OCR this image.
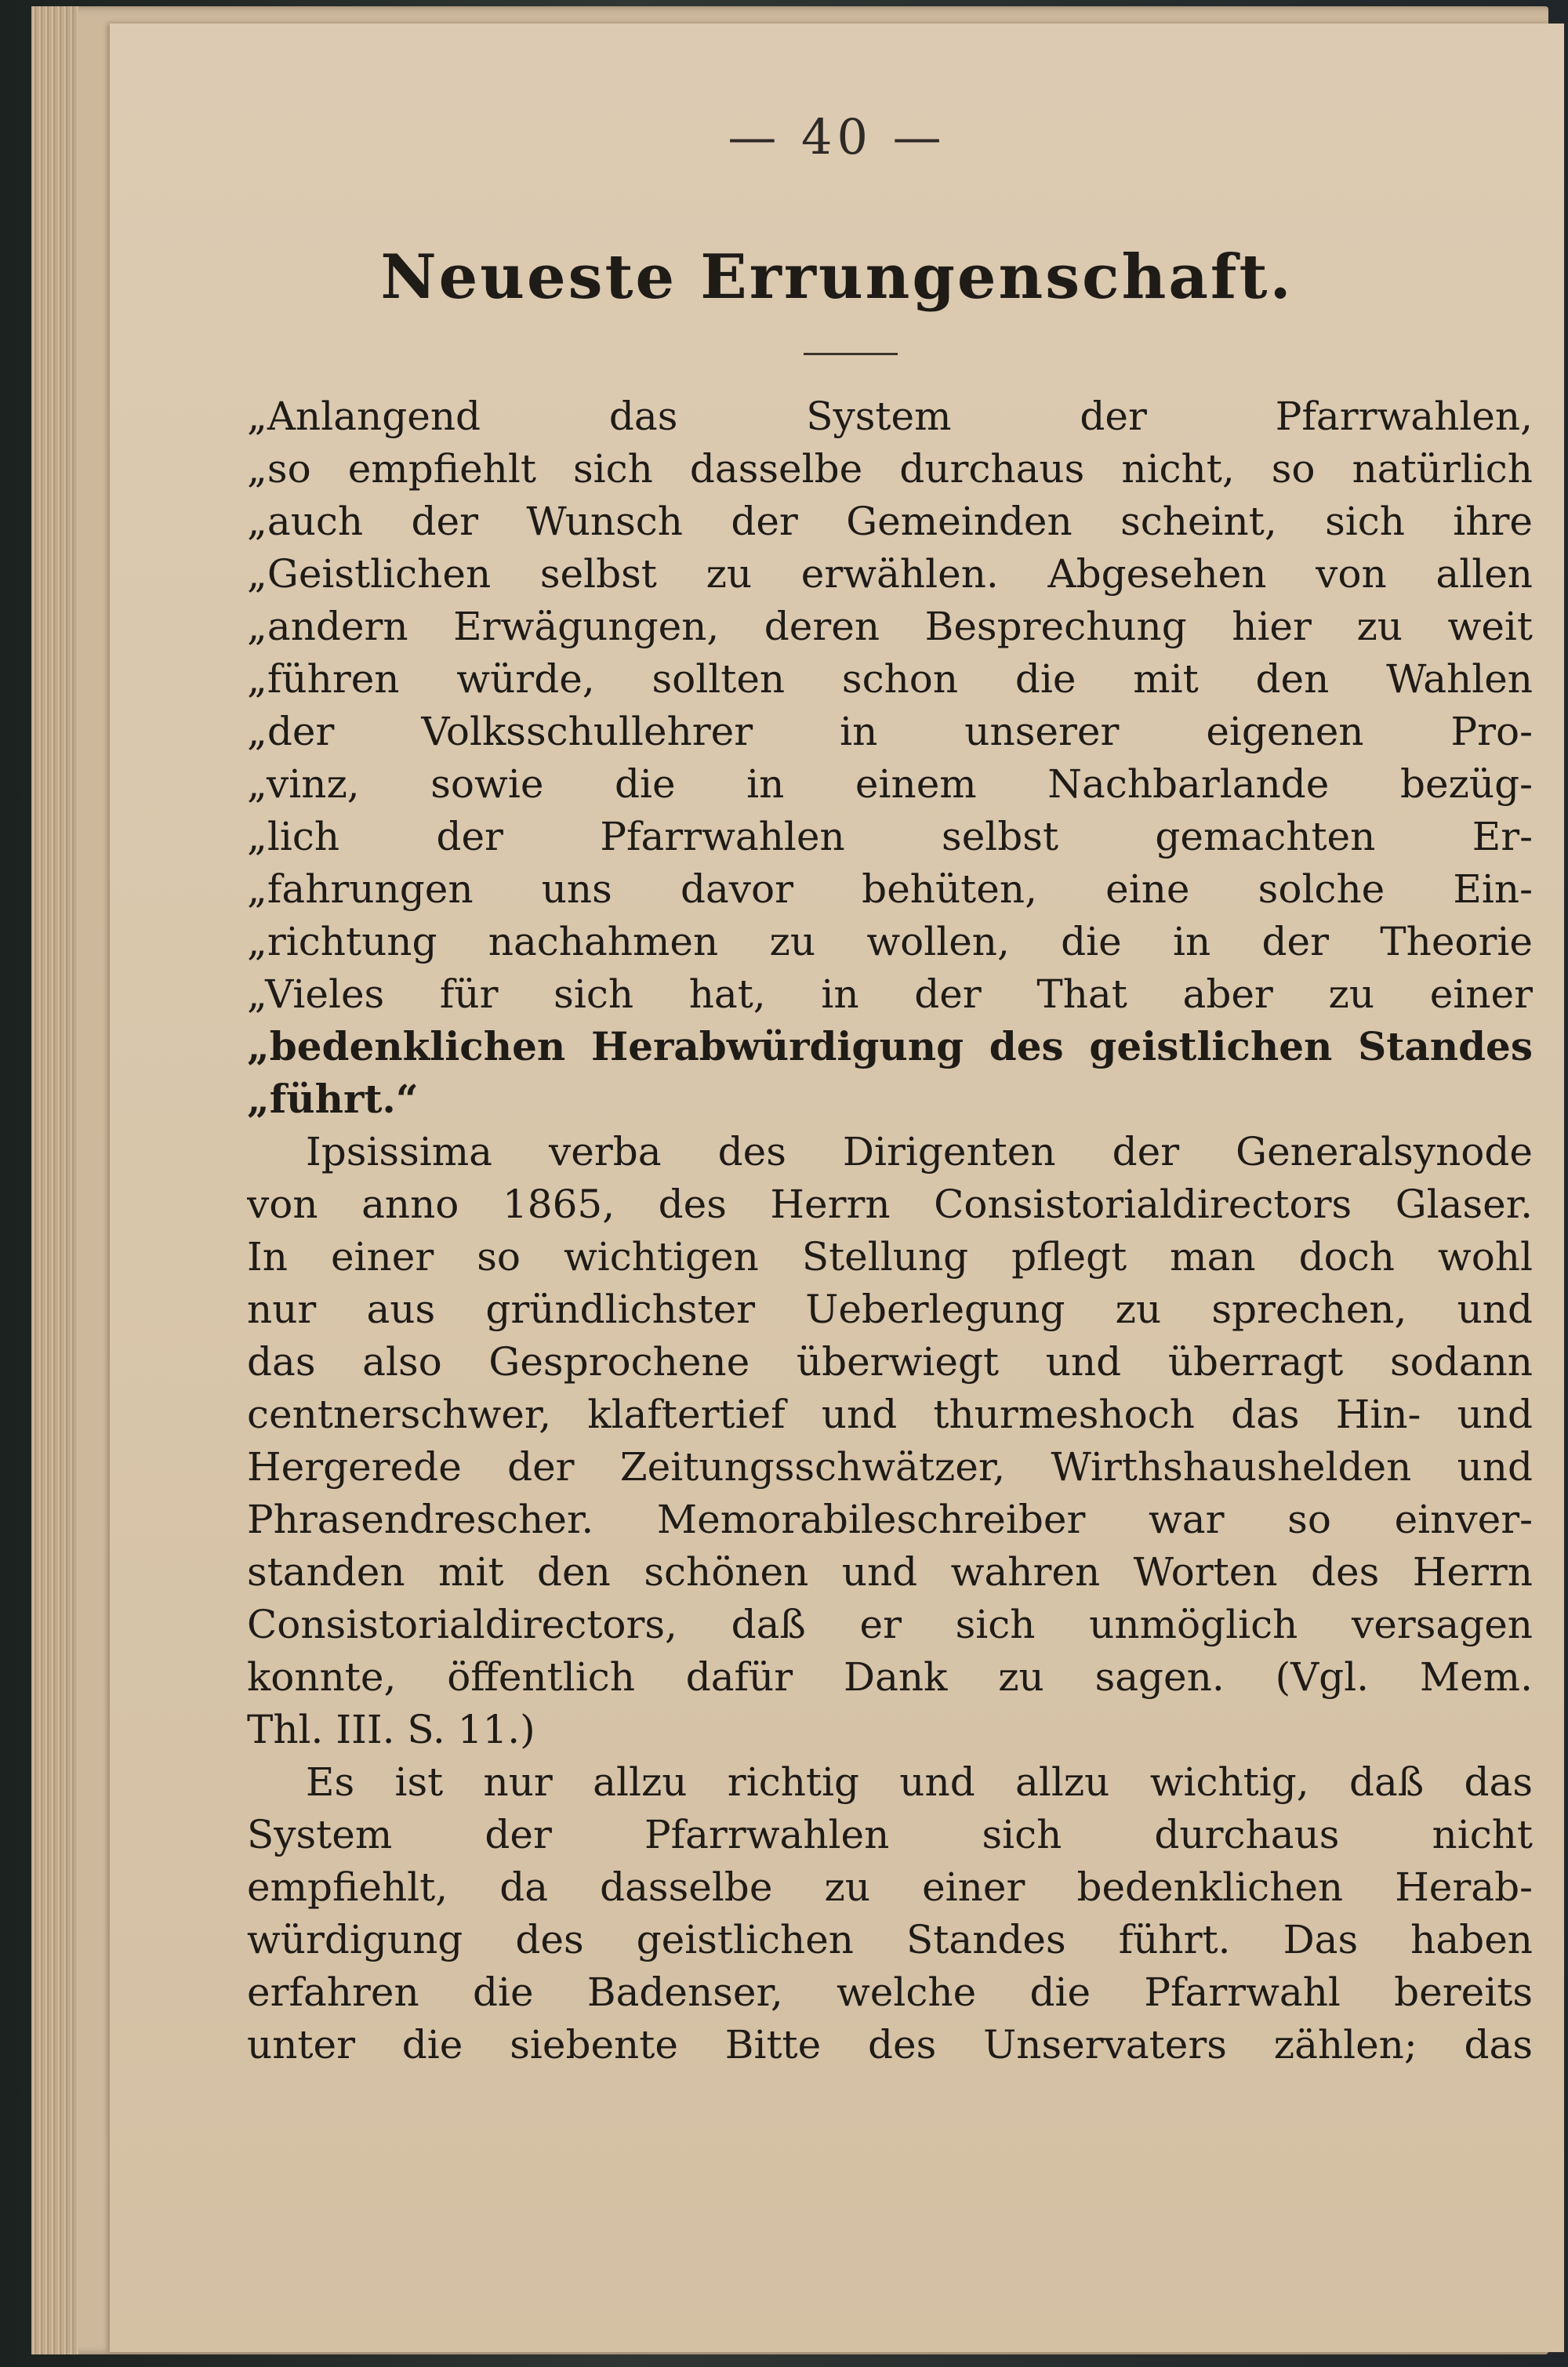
— 40 —
Neueste Errungenschaft.
„Anlangend das System der Pfarrwahlen,
„so empfiehlt sich dasselbe durchaus nicht, so natürlich
„auch der Wunsch der Gemeinden scheint, sich ihre
„Geistlichen selbst zu erwählen. Abgesehen von allen
„andern Erwägungen, deren Besprechung hier zu weit
„führen würde, sollten schon die mit den Wahlen
„der Volksschullehrer in unserer eigenen Pro-
„vinz, sowie die in einem Nachbarlande bezüg-
„lich der Pfarrwahlen selbst gemachten Er-
„fahrungen uns davor behüten, eine solche Ein-
„richtung nachahmen zu wollen, die in der Theorie
„Vieles für sich hat, in der That aber zu einer
„bedenklichen Herabwürdigung des geistlichen Standes
„führt.“
Ipsissima verba des Dirigenten der Generalsynode
von anno 1865, des Herrn Consistorialdirectors Glaser.
In einer so wichtigen Stellung pflegt man doch wohl
nur aus gründlichster Ueberlegung zu sprechen, und
das also Gesprochene überwiegt und überragt sodann
centnerschwer, klaftertief und thurmeshoch das Hin- und
Hergerede der Zeitungsschwätzer, Wirthshaushelden und
Phrasendrescher. Memorabileschreiber war so einver-
standen mit den schönen und wahren Worten des Herrn
Consistorialdirectors, daß er sich unmöglich versagen
konnte, öffentlich dafür Dank zu sagen. (Vgl. Mem.
Thl. III. S. 11.)
Es ist nur allzu richtig und allzu wichtig, daß das
System der Pfarrwahlen sich durchaus nicht
empfiehlt, da dasselbe zu einer bedenklichen Herab-
würdigung des geistlichen Standes führt. Das haben
erfahren die Badenser, welche die Pfarrwahl bereits
unter die siebente Bitte des Unservaters zählen; das
